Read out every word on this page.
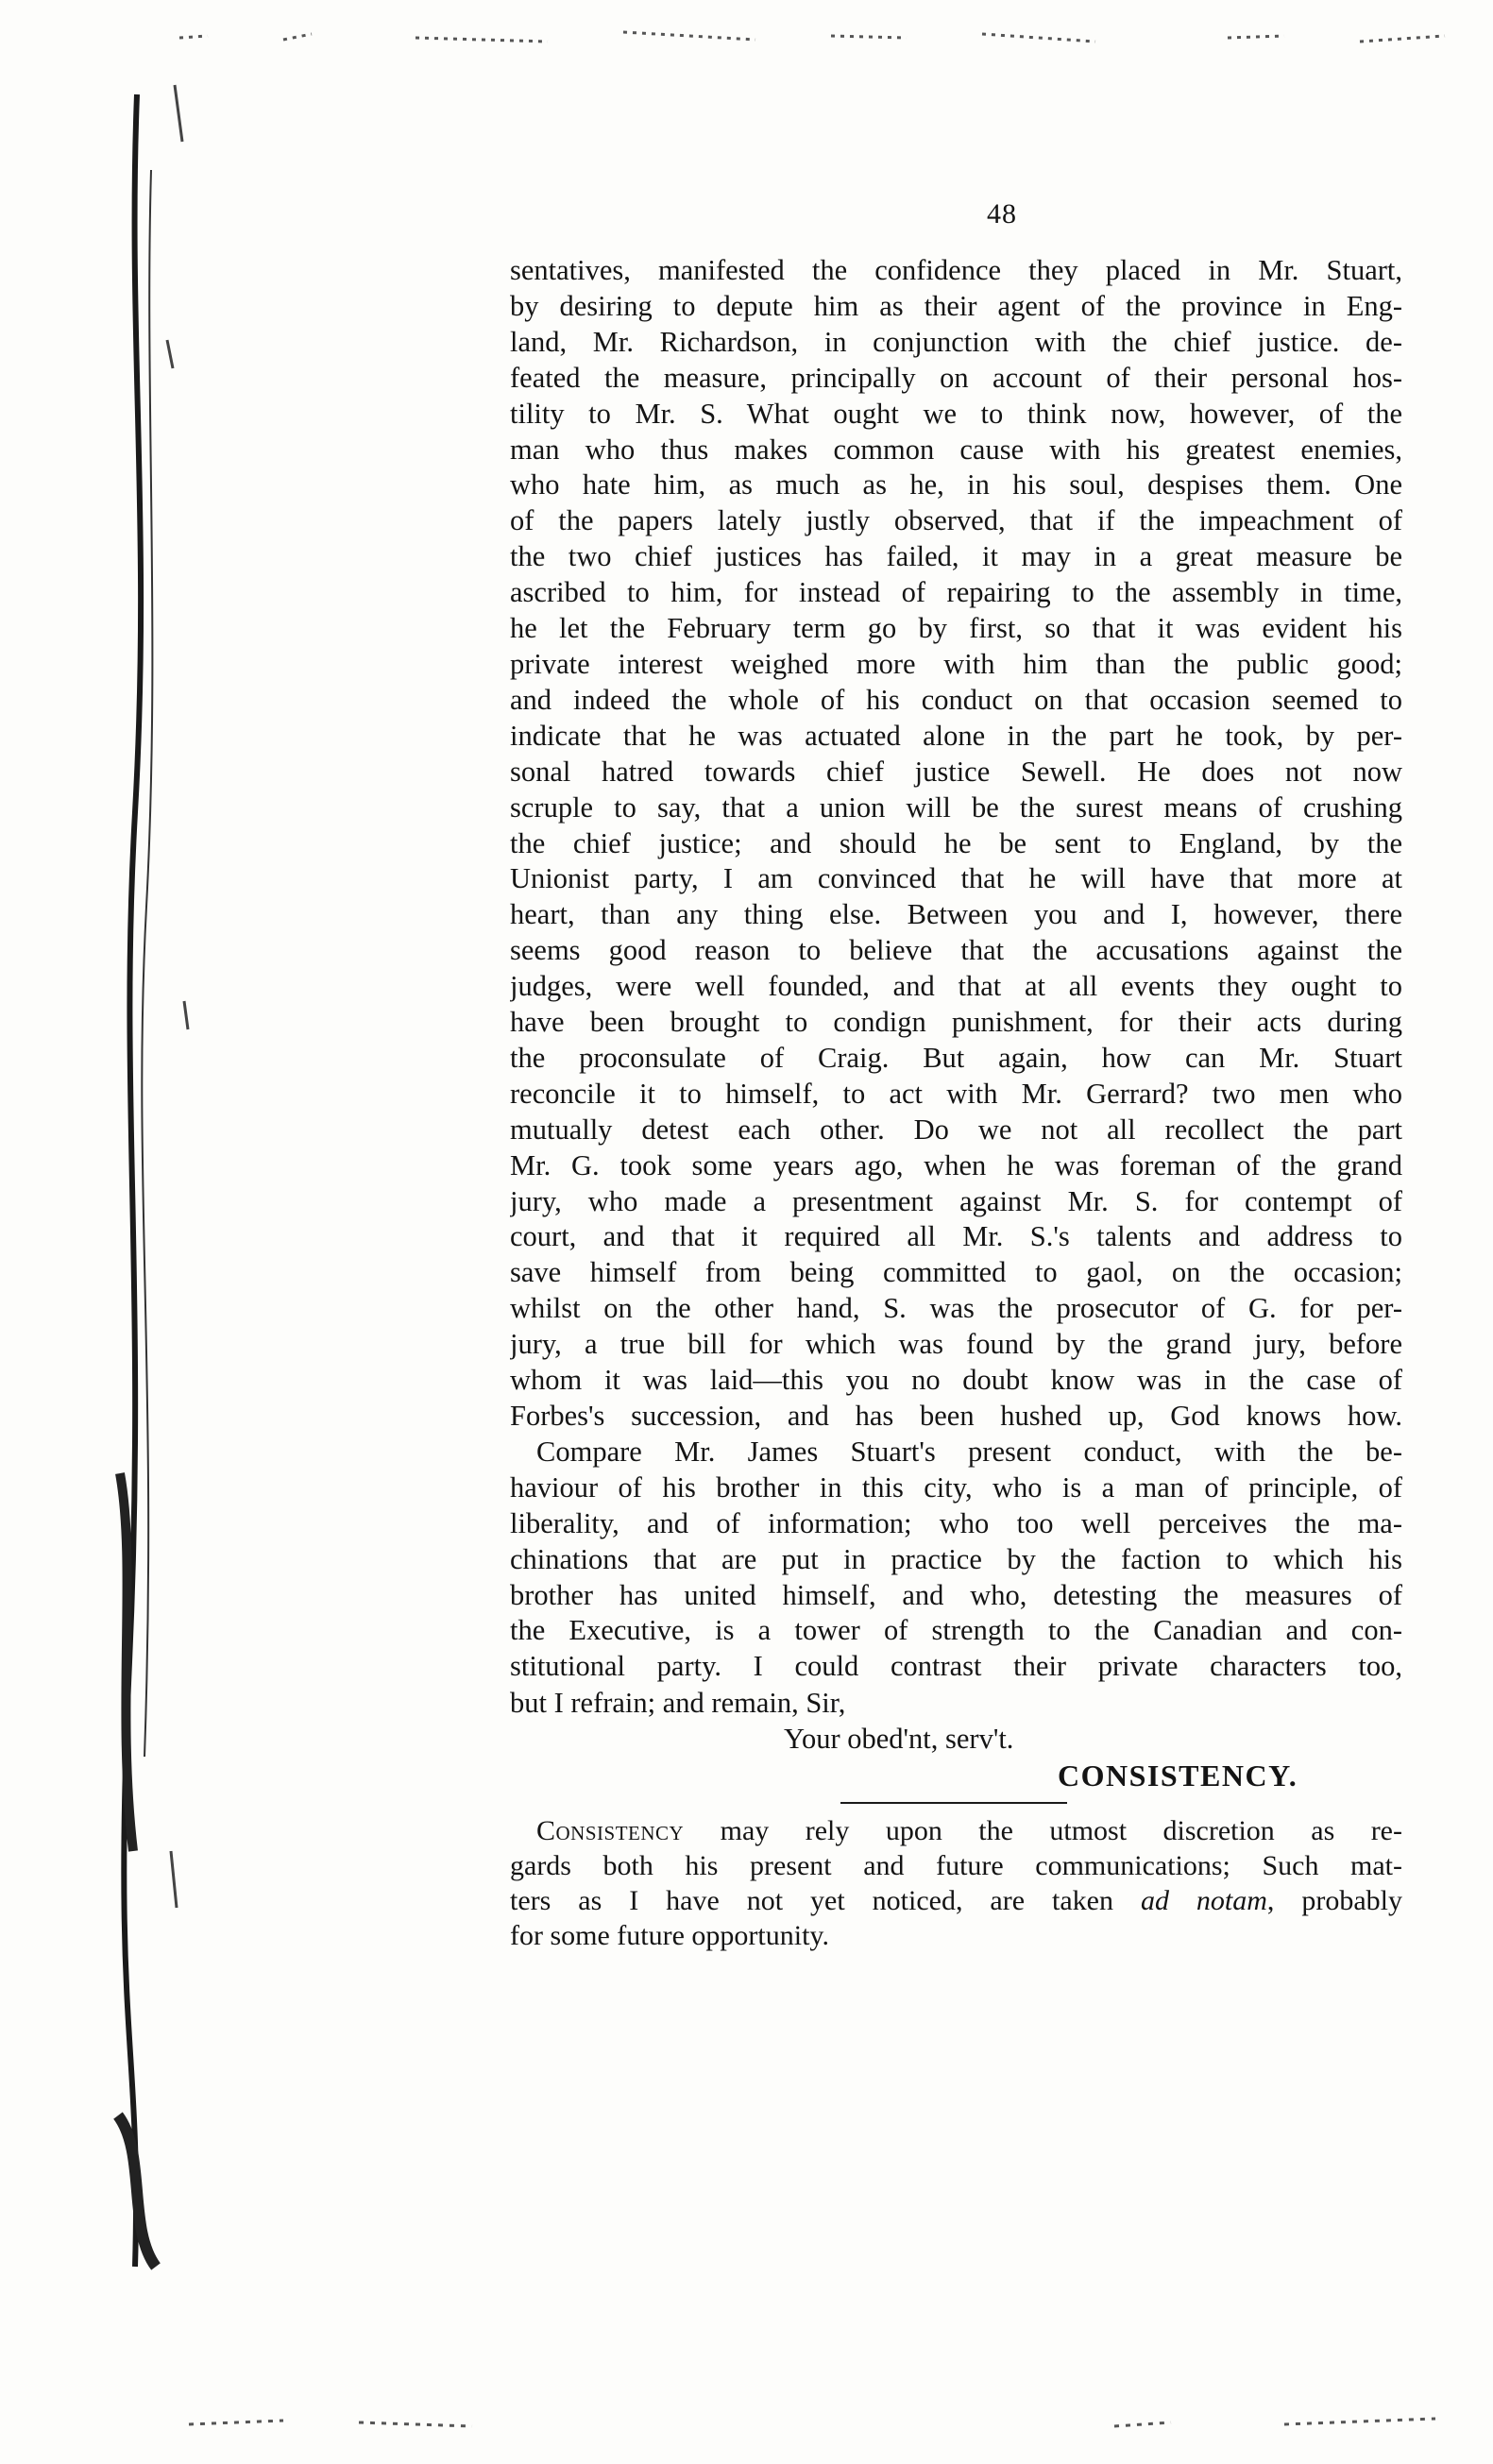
48
sentatives, manifested the confidence they placed in Mr. Stuart,
by desiring to depute him as their agent of the province in Eng-
land, Mr. Richardson, in conjunction with the chief justice. de-
feated the measure, principally on account of their personal hos-
tility to Mr. S. What ought we to think now, however, of the
man who thus makes common cause with his greatest enemies,
who hate him, as much as he, in his soul, despises them. One
of the papers lately justly observed, that if the impeachment of
the two chief justices has failed, it may in a great measure be
ascribed to him, for instead of repairing to the assembly in time,
he let the February term go by first, so that it was evident his
private interest weighed more with him than the public good;
and indeed the whole of his conduct on that occasion seemed to
indicate that he was actuated alone in the part he took, by per-
sonal hatred towards chief justice Sewell. He does not now
scruple to say, that a union will be the surest means of crushing
the chief justice; and should he be sent to England, by the
Unionist party, I am convinced that he will have that more at
heart, than any thing else. Between you and I, however, there
seems good reason to believe that the accusations against the
judges, were well founded, and that at all events they ought to
have been brought to condign punishment, for their acts during
the proconsulate of Craig. But again, how can Mr. Stuart
reconcile it to himself, to act with Mr. Gerrard? two men who
mutually detest each other. Do we not all recollect the part
Mr. G. took some years ago, when he was foreman of the grand
jury, who made a presentment against Mr. S. for contempt of
court, and that it required all Mr. S.'s talents and address to
save himself from being committed to gaol, on the occasion;
whilst on the other hand, S. was the prosecutor of G. for per-
jury, a true bill for which was found by the grand jury, before
whom it was laid—this you no doubt know was in the case of
Forbes's succession, and has been hushed up, God knows how.
Compare Mr. James Stuart's present conduct, with the be-
haviour of his brother in this city, who is a man of principle, of
liberality, and of information; who too well perceives the ma-
chinations that are put in practice by the faction to which his
brother has united himself, and who, detesting the measures of
the Executive, is a tower of strength to the Canadian and con-
stitutional party. I could contrast their private characters too,
but I refrain; and remain, Sir,
Your obed'nt, serv't.
CONSISTENCY.
Consistency may rely upon the utmost discretion as re-
gards both his present and future communications; Such mat-
ters as I have not yet noticed, are taken ad notam, probably
for some future opportunity.
